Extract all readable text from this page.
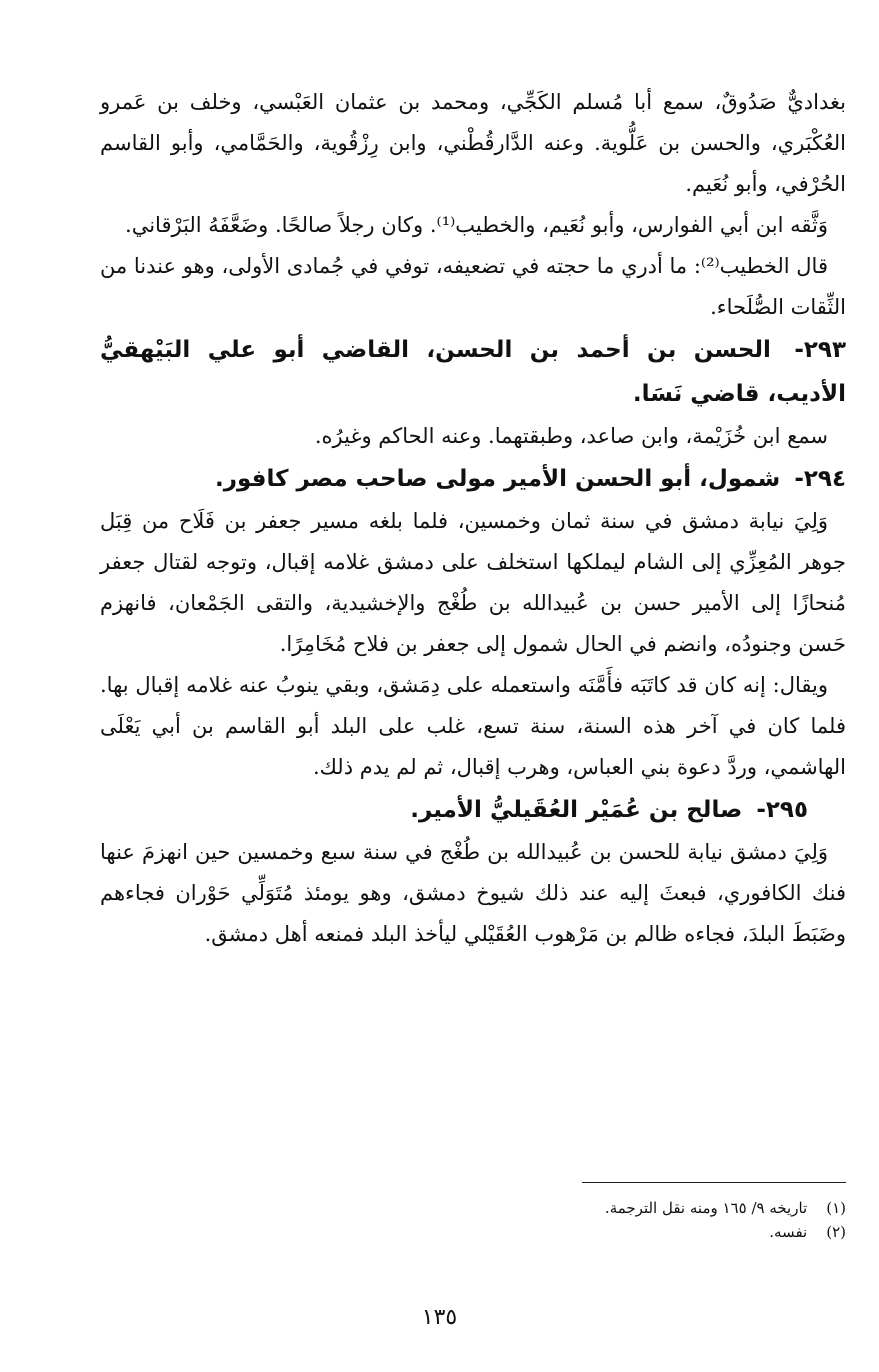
بغداديٌّ صَدُوقٌ، سمع أبا مُسلم الكَجِّي، ومحمد بن عثمان العَبْسي، وخلف بن عَمرو العُكْبَري، والحسن بن عَلُّوية. وعنه الدَّارقُطْني، وابن رِزْقُوية، والحَمَّامي، وأبو القاسم الحُرْفي، وأبو نُعَيم.

وَثَّقه ابن أبي الفوارس، وأبو نُعَيم، والخطيب⁽¹⁾. وكان رجلاً صالحًا. وضَعَّفَهُ البَرْقاني.

قال الخطيب⁽²⁾: ما أدري ما حجته في تضعيفه، توفي في جُمادى الأولى، وهو عندنا من الثِّقات الصُّلَحاء.

٢٩٣- الحسن بن أحمد بن الحسن، القاضي أبو علي البَيْهقيُّ الأديب، قاضي نَسَا.

سمع ابن خُزَيْمة، وابن صاعد، وطبقتهما. وعنه الحاكم وغيرُه.

٢٩٤- شمول، أبو الحسن الأمير مولى صاحب مصر كافور.

وَلِيَ نيابة دمشق في سنة ثمان وخمسين، فلما بلغه مسير جعفر بن فَلَاح من قِبَل جوهر المُعِزِّي إلى الشام ليملكها استخلف على دمشق غلامه إقبال، وتوجه لقتال جعفر مُنحازًا إلى الأمير حسن بن عُبيدالله بن طُغْج والإخشيدية، والتقى الجَمْعان، فانهزم حَسن وجنودُه، وانضم في الحال شمول إلى جعفر بن فلاح مُخَامِرًا.

ويقال: إنه كان قد كاتَبَه فأَمَّنَه واستعمله على دِمَشق، وبقي ينوبُ عنه غلامه إقبال بها. فلما كان في آخر هذه السنة، سنة تسع، غلب على البلد أبو القاسم بن أبي يَعْلَى الهاشمي، وردَّ دعوة بني العباس، وهرب إقبال، ثم لم يدم ذلك.

٢٩٥- صالح بن عُمَيْر العُقَيليُّ الأمير.

وَلِيَ دمشق نيابة للحسن بن عُبيدالله بن طُغْج في سنة سبع وخمسين حين انهزمَ عنها فنك الكافوري، فبعثَ إليه عند ذلك شيوخ دمشق، وهو يومئذ مُتَوَلِّي حَوْران فجاءهم وضَبَطَ البلدَ، فجاءه ظالم بن مَرْهوب العُقَيْلي ليأخذ البلد فمنعه أهل دمشق.

(١) تاريخه ٩/ ١٦٥ ومنه نقل الترجمة.

(٢) نفسه.

١٣٥
